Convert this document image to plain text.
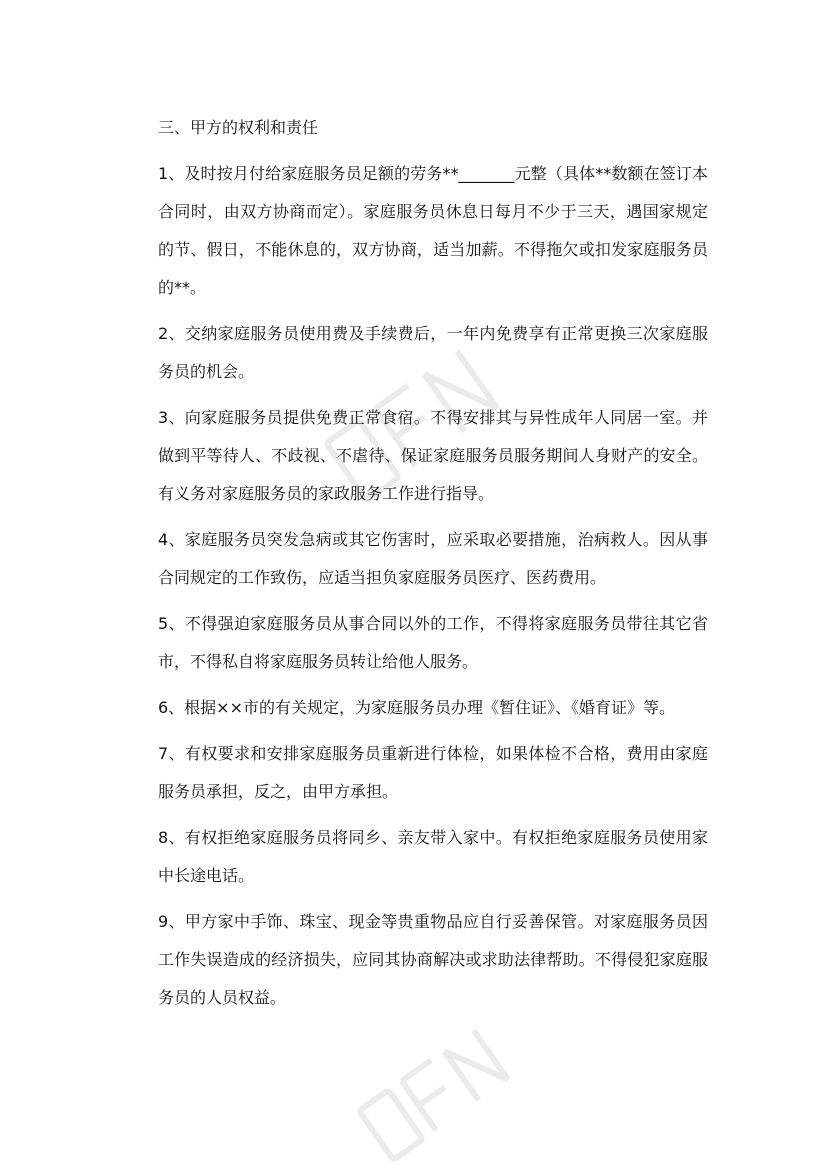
三、甲方的权利和责任
1、及时按月付给家庭服务员足额的劳务**_______元整（具体**数额在签订本合同时，由双方协商而定）。家庭服务员休息日每月不少于三天，遇国家规定的节、假日，不能休息的，双方协商，适当加薪。不得拖欠或扣发家庭服务员的**。
2、交纳家庭服务员使用费及手续费后，一年内免费享有正常更换三次家庭服务员的机会。
3、向家庭服务员提供免费正常食宿。不得安排其与异性成年人同居一室。并做到平等待人、不歧视、不虐待、保证家庭服务员服务期间人身财产的安全。有义务对家庭服务员的家政服务工作进行指导。
4、家庭服务员突发急病或其它伤害时，应采取必要措施，治病救人。因从事合同规定的工作致伤，应适当担负家庭服务员医疗、医药费用。
5、不得强迫家庭服务员从事合同以外的工作，不得将家庭服务员带往其它省市，不得私自将家庭服务员转让给他人服务。
6、根据××市的有关规定，为家庭服务员办理《暂住证》、《婚育证》等。
7、有权要求和安排家庭服务员重新进行体检，如果体检不合格，费用由家庭服务员承担，反之，由甲方承担。
8、有权拒绝家庭服务员将同乡、亲友带入家中。有权拒绝家庭服务员使用家中长途电话。
9、甲方家中手饰、珠宝、现金等贵重物品应自行妥善保管。对家庭服务员因工作失误造成的经济损失，应同其协商解决或求助法律帮助。不得侵犯家庭服务员的人员权益。
